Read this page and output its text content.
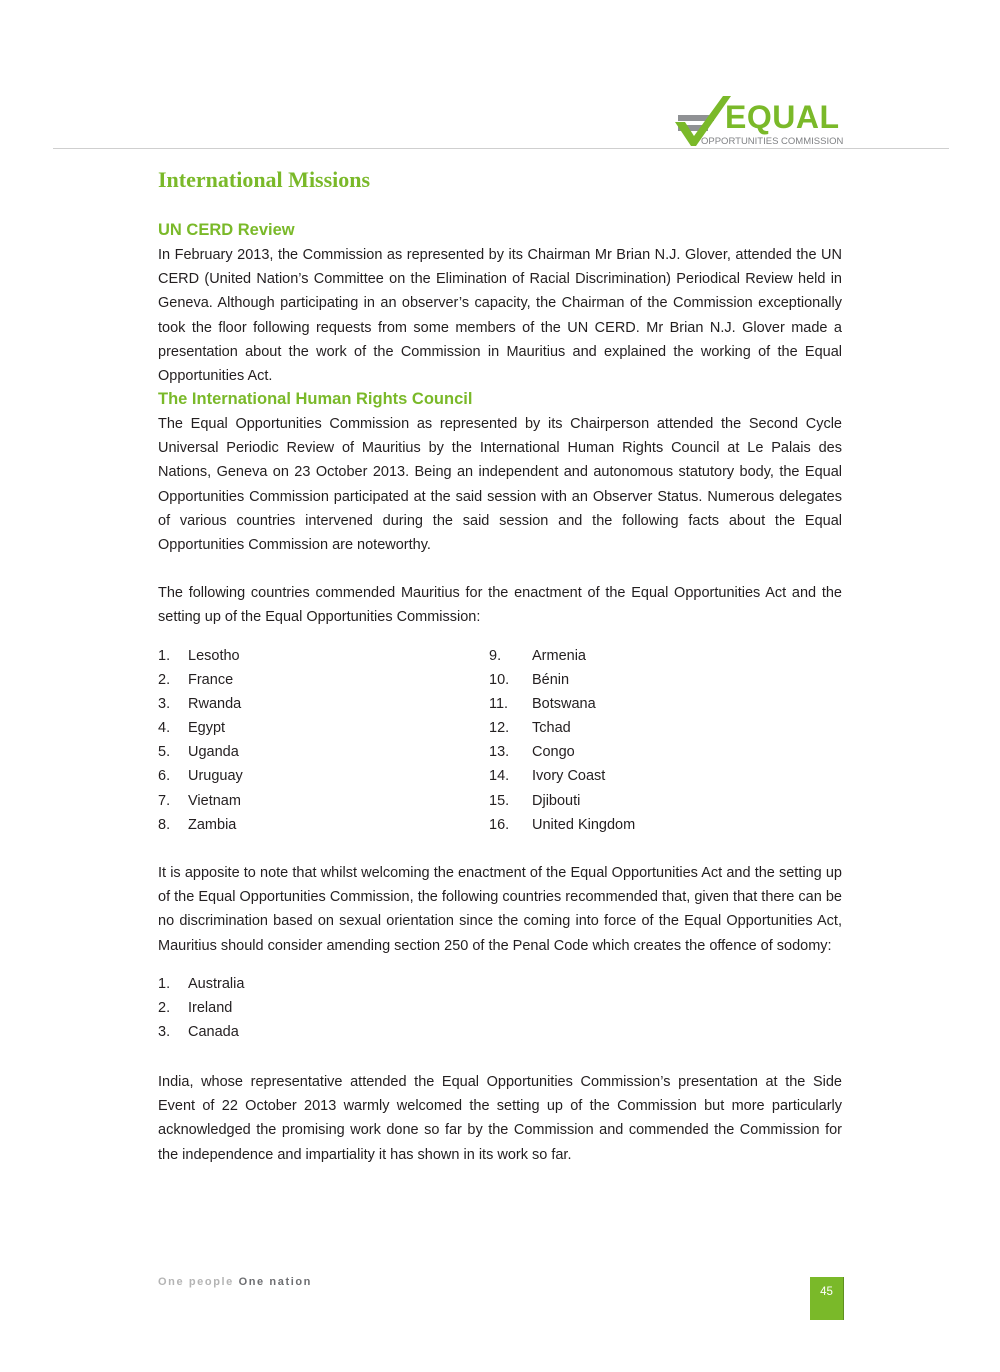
EQUAL
OPPORTUNITIES COMMISSION
International Missions
UN CERD Review

In February 2013, the Commission as represented by its Chairman Mr Brian N.J. Glover, attended the UN CERD (United Nation’s Committee on the Elimination of Racial Discrimination) Periodical Review held in Geneva. Although participating in an observer’s capacity, the Chairman of the Commission exceptionally took the floor following requests from some members of the UN CERD. Mr Brian N.J. Glover made a presentation about the work of the Commission in Mauritius and explained the working of the Equal Opportunities Act.

The International Human Rights Council

The Equal Opportunities Commission as represented by its Chairperson attended the Second Cycle Universal Periodic Review of Mauritius by the International Human Rights Council at Le Palais des Nations, Geneva on 23 October 2013. Being an independent and autonomous statutory body, the Equal Opportunities Commission participated at the said session with an Observer Status. Numerous delegates of various countries intervened during the said session and the following facts about the Equal Opportunities Commission are noteworthy.

The following countries commended Mauritius for the enactment of the Equal Opportunities Act and the setting up of the Equal Opportunities Commission:

1. Lesotho
2. France
3. Rwanda
4. Egypt
5. Uganda
6. Uruguay
7. Vietnam
8. Zambia
9. Armenia
10. Bénin
11. Botswana
12. Tchad
13. Congo
14. Ivory Coast
15. Djibouti
16. United Kingdom

It is apposite to note that whilst welcoming the enactment of the Equal Opportunities Act and the setting up of the Equal Opportunities Commission, the following countries recommended that, given that there can be no discrimination based on sexual orientation since the coming into force of the Equal Opportunities Act, Mauritius should consider amending section 250 of the Penal Code which creates the offence of sodomy:

1. Australia
2. Ireland
3. Canada

India, whose representative attended the Equal Opportunities Commission’s presentation at the Side Event of 22 October 2013 warmly welcomed the setting up of the Commission but more particularly acknowledged the promising work done so far by the Commission and commended the Commission for the independence and impartiality it has shown in its work so far.

One people One nation
45
